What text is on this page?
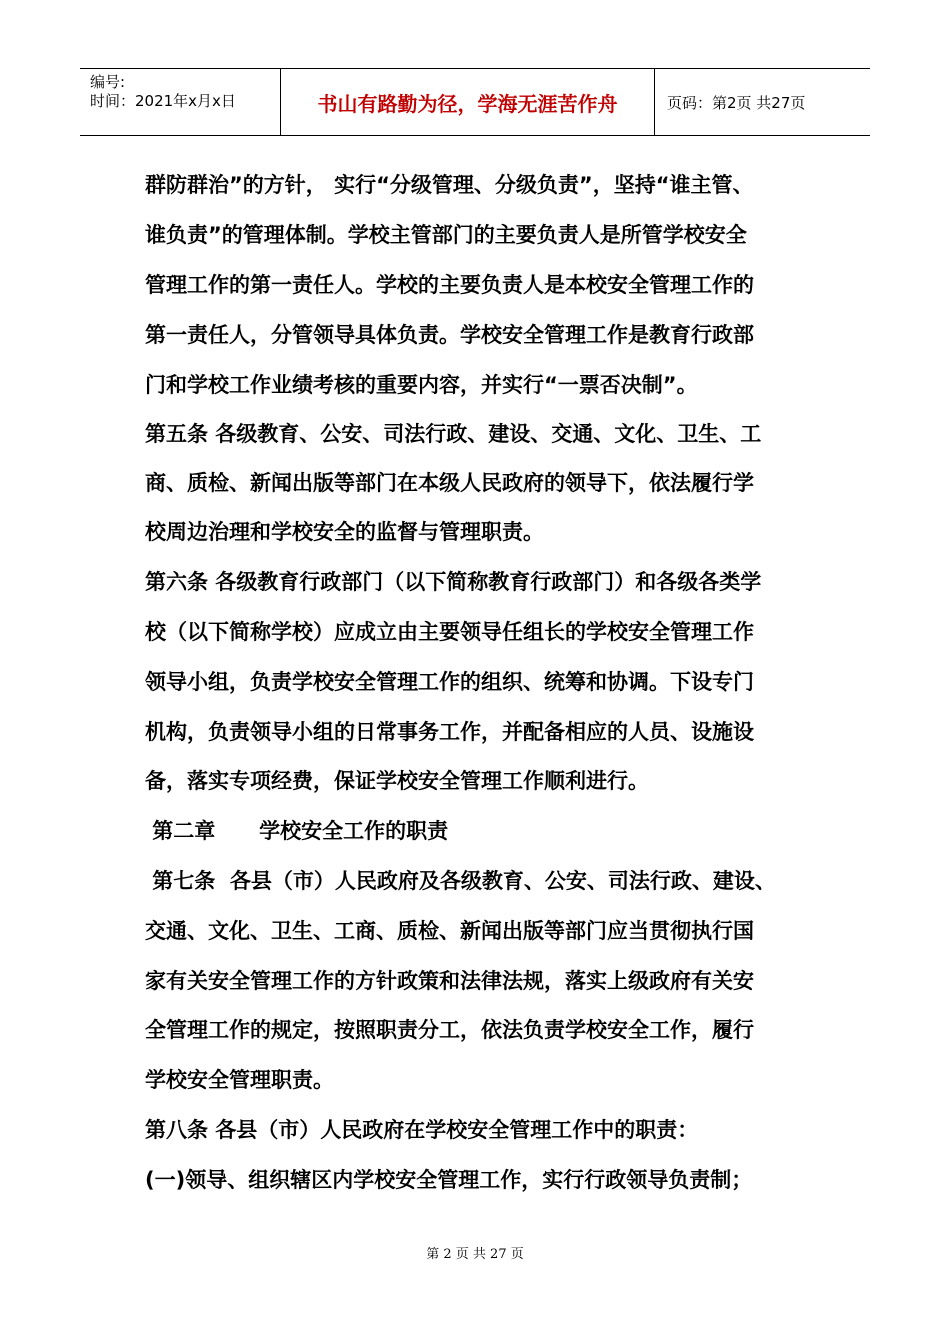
编号:
时间：2021年x月x日	书山有路勤为径，学海无涯苦作舟	页码：第2页 共27页
群防群治”的方针， 实行“分级管理、分级负责”，坚持“谁主管、
谁负责”的管理体制。学校主管部门的主要负责人是所管学校安全
管理工作的第一责任人。学校的主要负责人是本校安全管理工作的
第一责任人，分管领导具体负责。学校安全管理工作是教育行政部
门和学校工作业绩考核的重要内容，并实行“一票否决制”。
第五条 各级教育、公安、司法行政、建设、交通、文化、卫生、工
商、质检、新闻出版等部门在本级人民政府的领导下，依法履行学
校周边治理和学校安全的监督与管理职责。
第六条 各级教育行政部门（以下简称教育行政部门）和各级各类学
校（以下简称学校）应成立由主要领导任组长的学校安全管理工作
领导小组，负责学校安全管理工作的组织、统筹和协调。下设专门
机构，负责领导小组的日常事务工作，并配备相应的人员、设施设
备，落实专项经费，保证学校安全管理工作顺利进行。
第二章      学校安全工作的职责
第七条  各县（市）人民政府及各级教育、公安、司法行政、建设、
交通、文化、卫生、工商、质检、新闻出版等部门应当贯彻执行国
家有关安全管理工作的方针政策和法律法规，落实上级政府有关安
全管理工作的规定，按照职责分工，依法负责学校安全工作，履行
学校安全管理职责。
第八条 各县（市）人民政府在学校安全管理工作中的职责：
(一)领导、组织辖区内学校安全管理工作，实行行政领导负责制；
第 2 页 共 27 页
